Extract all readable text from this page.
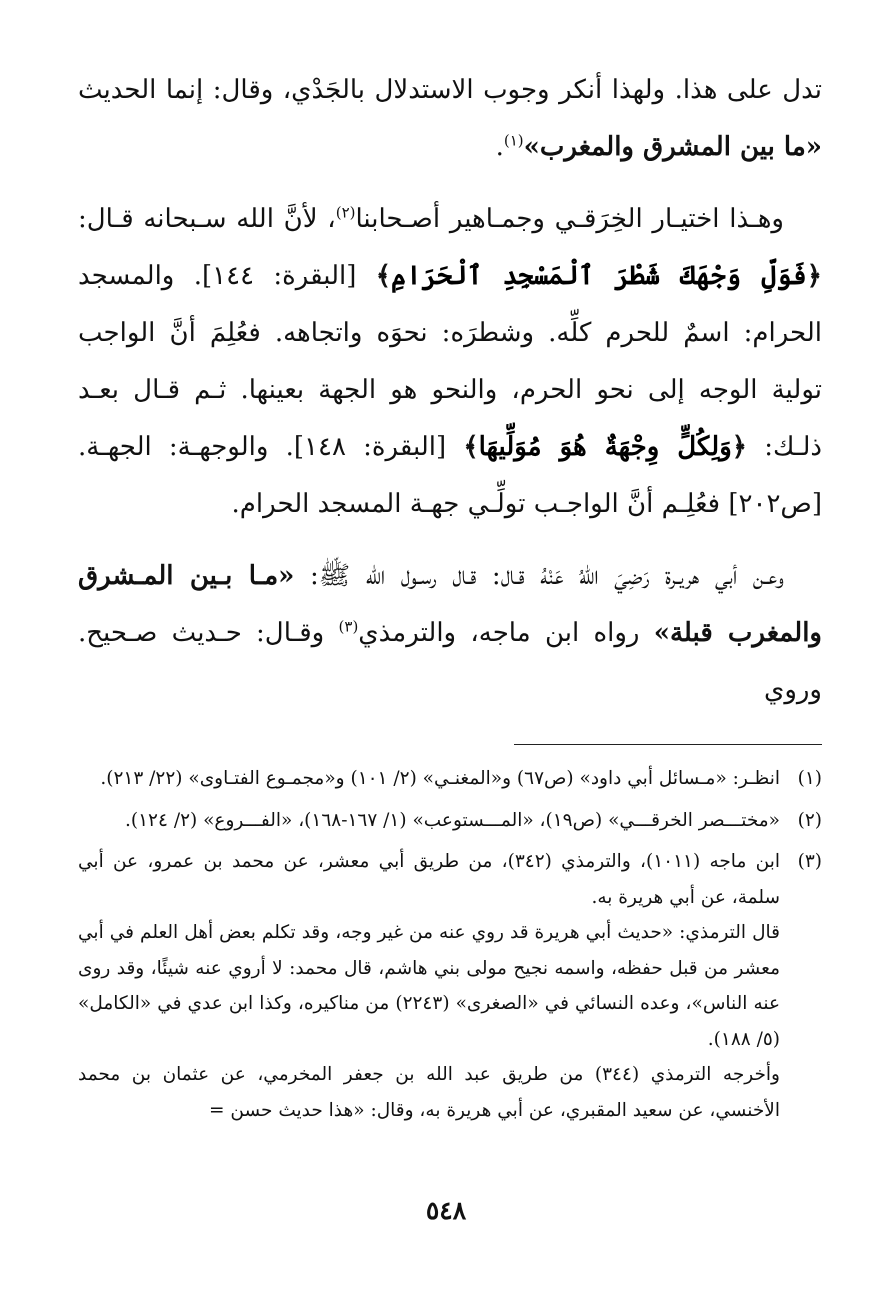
تدل على هذا. ولهذا أنكر وجوب الاستدلال بالجَدْي، وقال: إنما الحديث «ما بين المشرق والمغرب»$^{(١)}$.

وهـذا اختيـار الخِرَقـي وجمـاهير أصـحابنا$^{(٢)}$، لأنَّ الله سـبحانه قـال: ﴿فَوَلِّ وَجْهَكَ شَطْرَ ٱلْمَسْجِدِ ٱلْحَرَامِ﴾ [البقرة: ١٤٤]. والمسجد الحرام: اسمٌ للحرم كلِّه. وشطرَه: نحوَه واتجاهه. فعُلِمَ أنَّ الواجب تولية الوجه إلى نحو الحرم، والنحو هو الجهة بعينها. ثـم قـال بعـد ذلـك: ﴿وَلِكُلٍّ وِجْهَةٌ هُوَ مُوَلِّيهَا﴾ [البقرة: ١٤٨]. والوجهـة: الجهـة. [ص٢٠٢] فعُلِـم أنَّ الواجـب تولِّـي جهـة المسجد الحرام.

وعـن أبي هريـرة رَضِيَ اللهُ عَنْهُ قـال: قـال رسـول الله ﷺ: «مـا بـين المـشرق والمغرب قبلة» رواه ابن ماجه، والترمذي$^{(٣)}$ وقـال: حـديث صـحيح. وروي

(١)

انظـر: «مـسائل أبي داود» (ص٦٧) و«المغنـي» (٢/ ١٠١) و«مجمـوع الفتـاوى» (٢٢/ ٢١٣).

(٢)

«مختـــصر الخرقـــي» (ص١٩)، «المـــستوعب» (١/ ١٦٧-١٦٨)، «الفـــروع» (٢/ ١٢٤).

(٣)

ابن ماجه (١٠١١)، والترمذي (٣٤٢)، من طريق أبي معشر، عن محمد بن عمرو، عن أبي سلمة، عن أبي هريرة به.

قال الترمذي: «حديث أبي هريرة قد روي عنه من غير وجه، وقد تكلم بعض أهل العلم في أبي معشر من قبل حفظه، واسمه نجيح مولى بني هاشم، قال محمد: لا أروي عنه شيئًا، وقد روى عنه الناس»، وعده النسائي في «الصغرى» (٢٢٤٣) من مناكيره، وكذا ابن عدي في «الكامل» (٥/ ١٨٨).

وأخرجه الترمذي (٣٤٤) من طريق عبد الله بن جعفر المخرمي، عن عثمان بن محمد الأخنسي، عن سعيد المقبري، عن أبي هريرة به، وقال: «هذا حديث حسن =

٥٤٨
